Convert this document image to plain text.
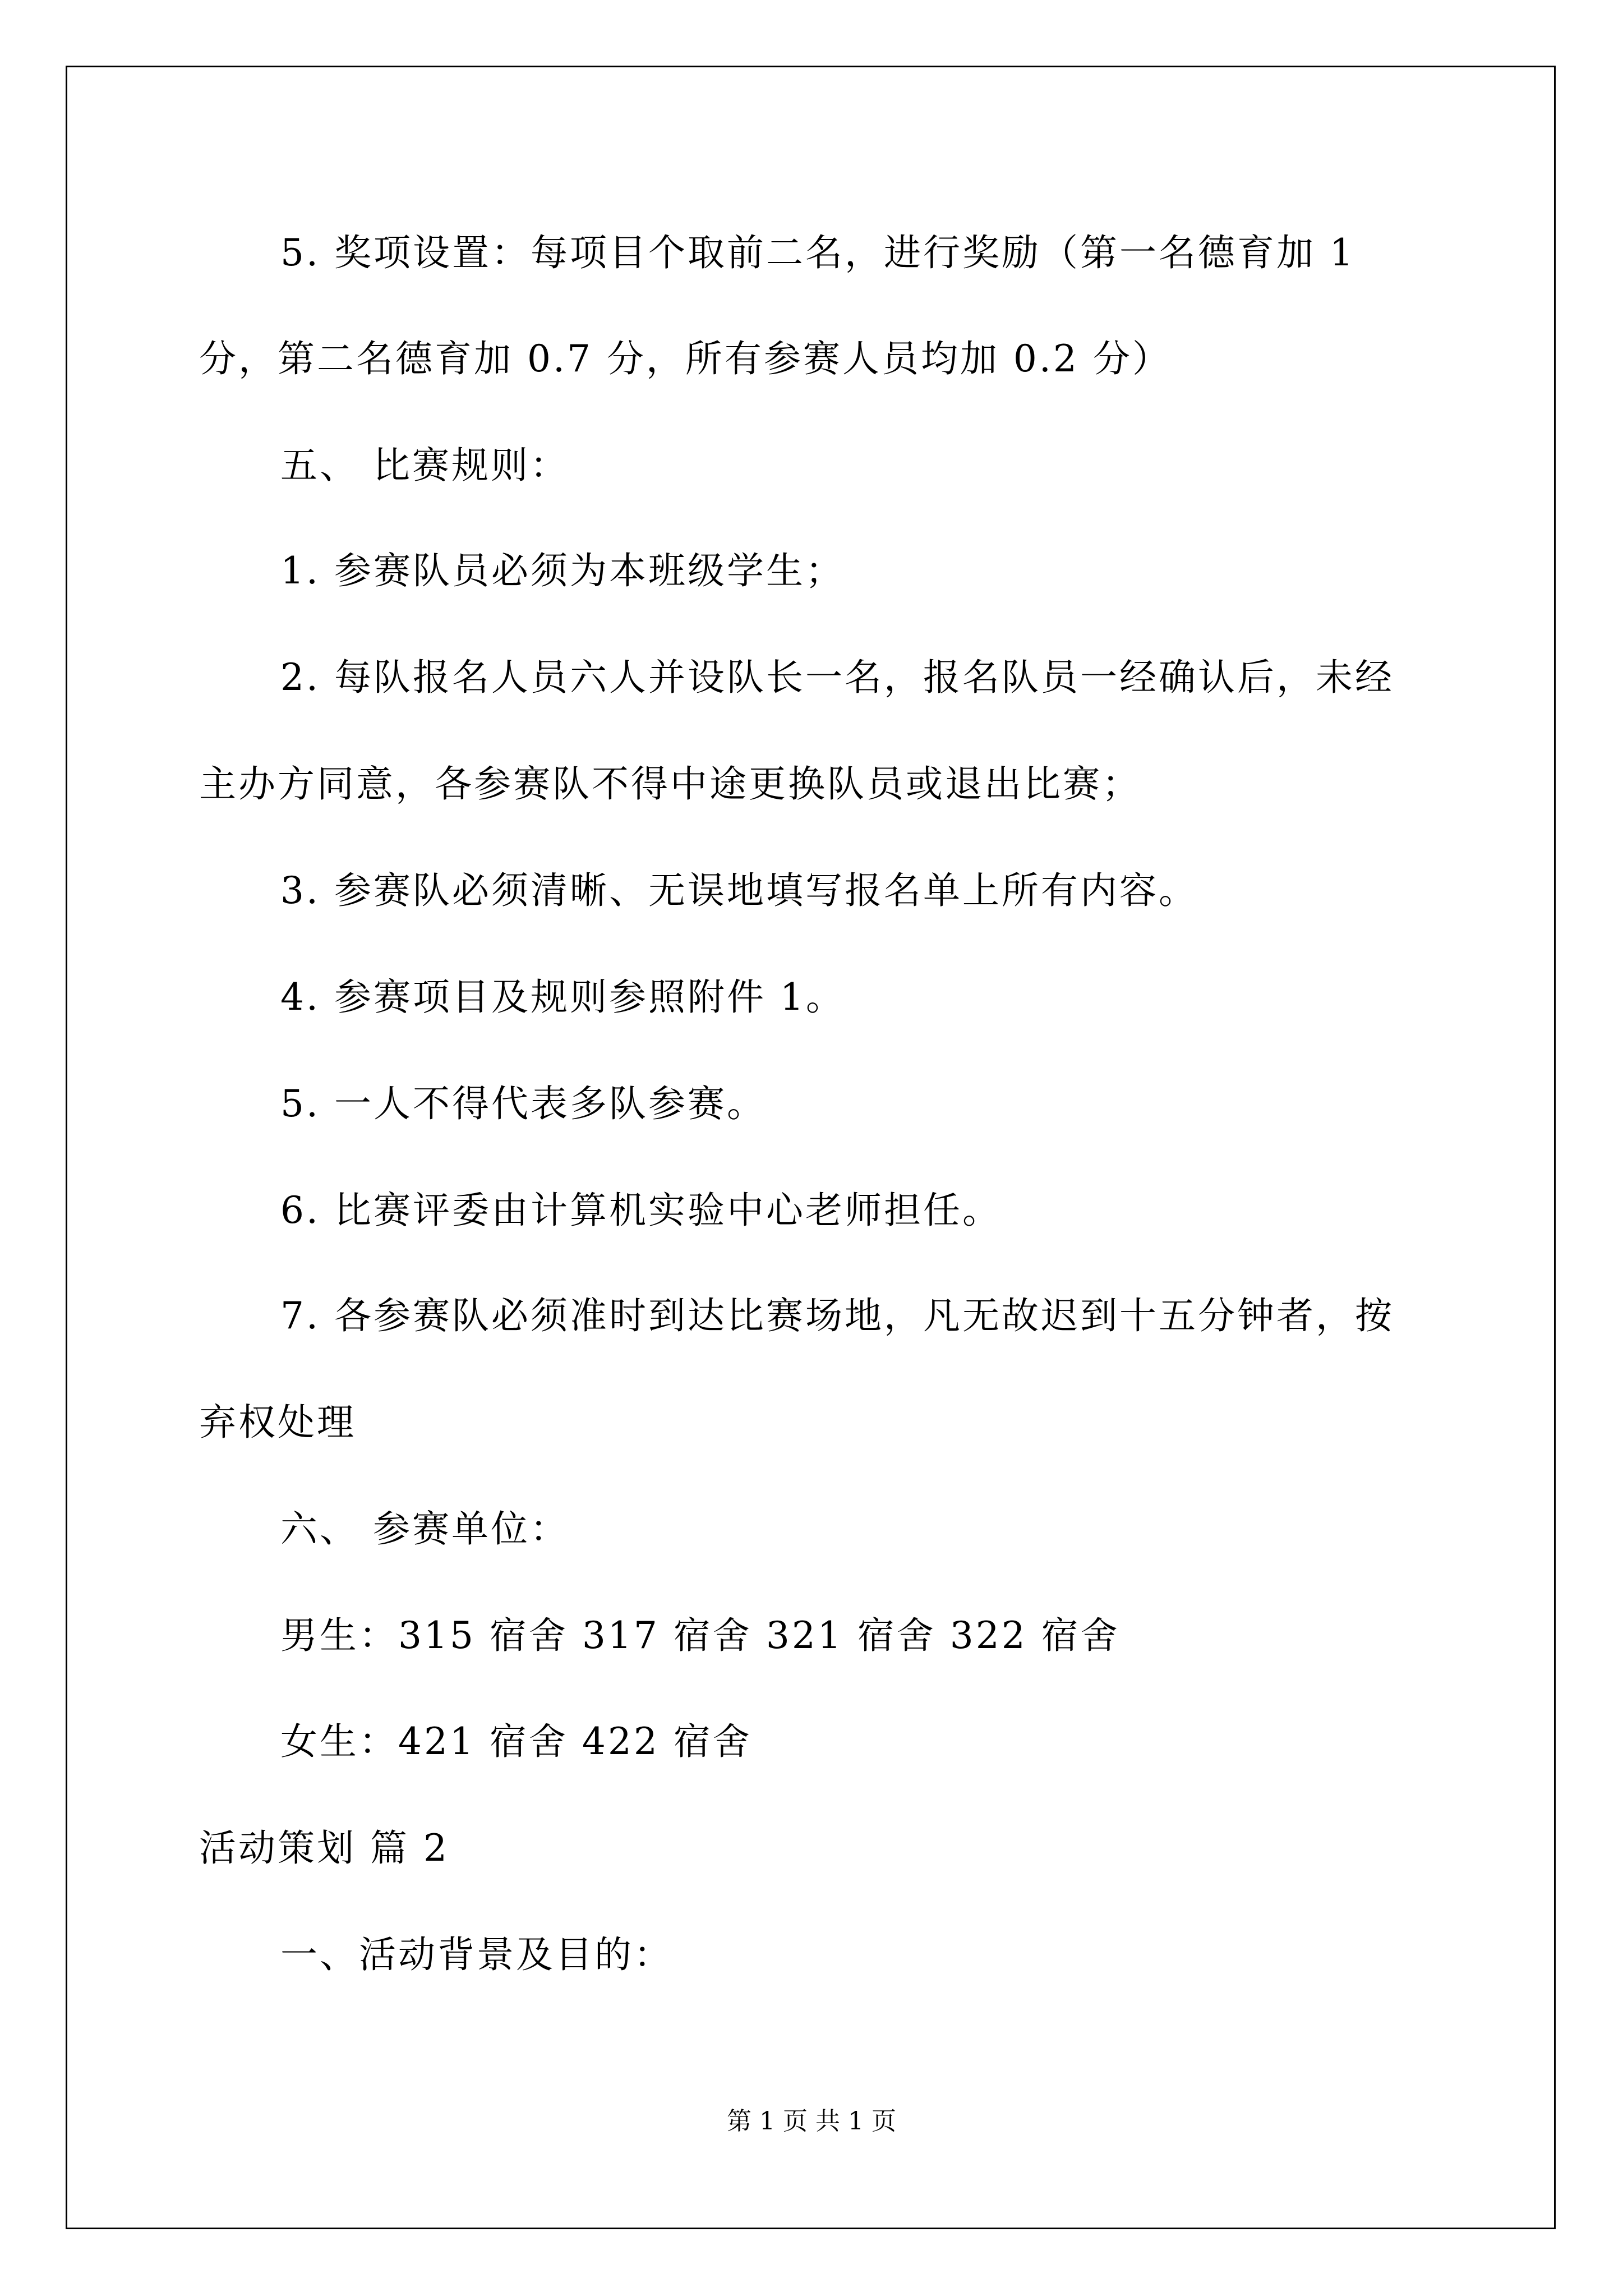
5. 奖项设置：每项目个取前二名，进行奖励（第一名德育加 1
分，第二名德育加 0.7 分，所有参赛人员均加 0.2 分）
五、 比赛规则：
1. 参赛队员必须为本班级学生；
2. 每队报名人员六人并设队长一名，报名队员一经确认后，未经
主办方同意，各参赛队不得中途更换队员或退出比赛；
3. 参赛队必须清晰、无误地填写报名单上所有内容。
4. 参赛项目及规则参照附件 1。
5. 一人不得代表多队参赛。
6. 比赛评委由计算机实验中心老师担任。
7. 各参赛队必须准时到达比赛场地，凡无故迟到十五分钟者，按
弃权处理
六、 参赛单位：
男生：315 宿舍 317 宿舍 321 宿舍 322 宿舍
女生：421 宿舍 422 宿舍
活动策划 篇 2
一、活动背景及目的：
第 1 页 共 1 页
